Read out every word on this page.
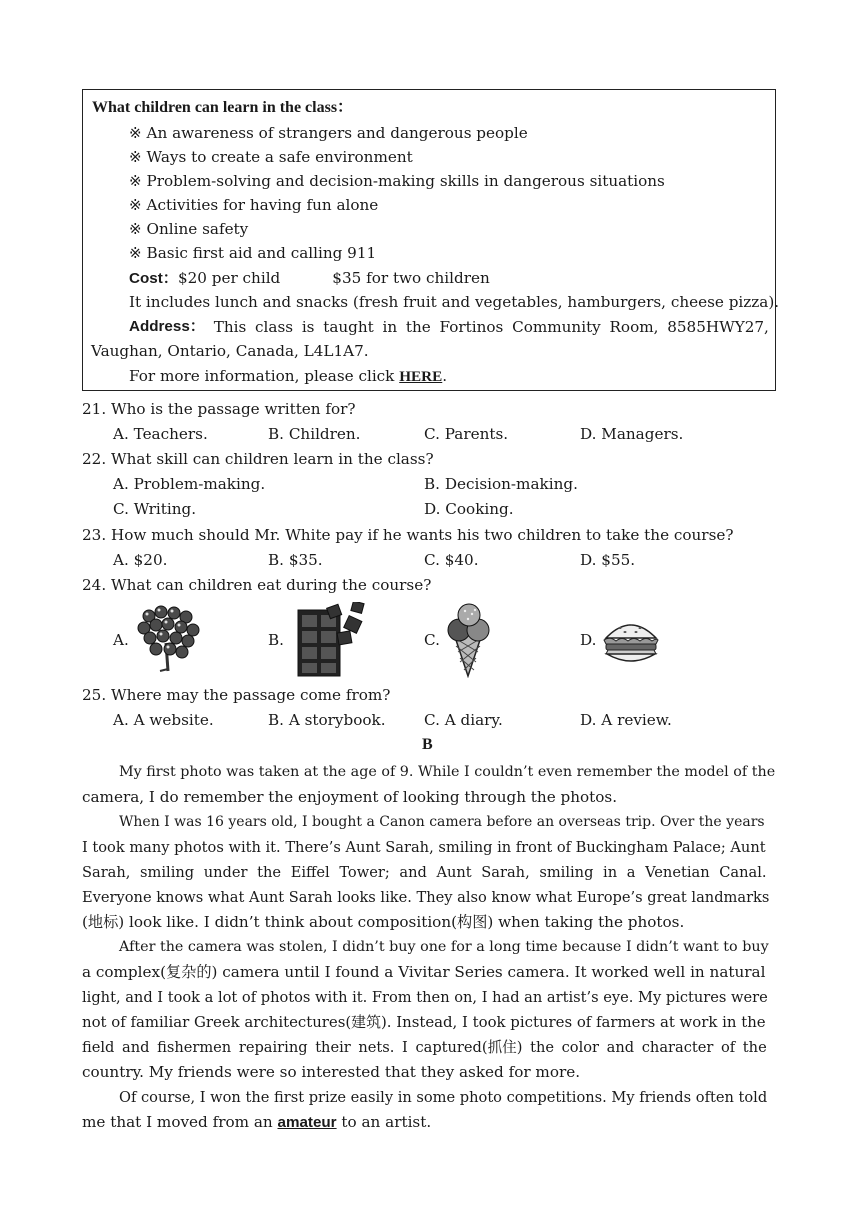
What children can learn in the class：
※ An awareness of strangers and dangerous people
※ Ways to create a safe environment
※ Problem-solving and decision-making skills in dangerous situations
※ Activities for having fun alone
※ Online safety
※ Basic first aid and calling 911
Cost：$20 per child	$35 for two children
It includes lunch and snacks (fresh fruit and vegetables, hamburgers, cheese pizza).
Address： This class is taught in the Fortinos Community Room, 8585HWY27,
Vaughan, Ontario, Canada, L4L1A7.
For more information, please click HERE.
21. Who is the passage written for?
A. Teachers.	B. Children.	C. Parents.	D. Managers.
22. What skill can children learn in the class?
A. Problem-making.	B. Decision-making.
C. Writing.	D. Cooking.
23. How much should Mr. White pay if he wants his two children to take the course?
A. $20.	B. $35.	C. $40.	D. $55.
24. What can children eat during the course?
A.	B.	C.	D.
25. Where may the passage come from?
A. A website.	B. A storybook.	C. A diary.	D. A review.
B
My first photo was taken at the age of 9. While I couldn’t even remember the model of the
camera, I do remember the enjoyment of looking through the photos.
When I was 16 years old, I bought a Canon camera before an overseas trip. Over the years
I took many photos with it. There’s Aunt Sarah, smiling in front of Buckingham Palace; Aunt
Sarah, smiling under the Eiffel Tower; and Aunt Sarah, smiling in a Venetian Canal.
Everyone knows what Aunt Sarah looks like. They also know what Europe’s great landmarks
(地标) look like. I didn’t think about composition(构图) when taking the photos.
After the camera was stolen, I didn’t buy one for a long time because I didn’t want to buy
a complex(复杂的) camera until I found a Vivitar Series camera. It worked well in natural
light, and I took a lot of photos with it. From then on, I had an artist’s eye. My pictures were
not of familiar Greek architectures(建筑). Instead, I took pictures of farmers at work in the
field and fishermen repairing their nets. I captured(抓住) the color and character of the
country. My friends were so interested that they asked for more.
Of course, I won the first prize easily in some photo competitions. My friends often told
me that I moved from an amateur to an artist.
